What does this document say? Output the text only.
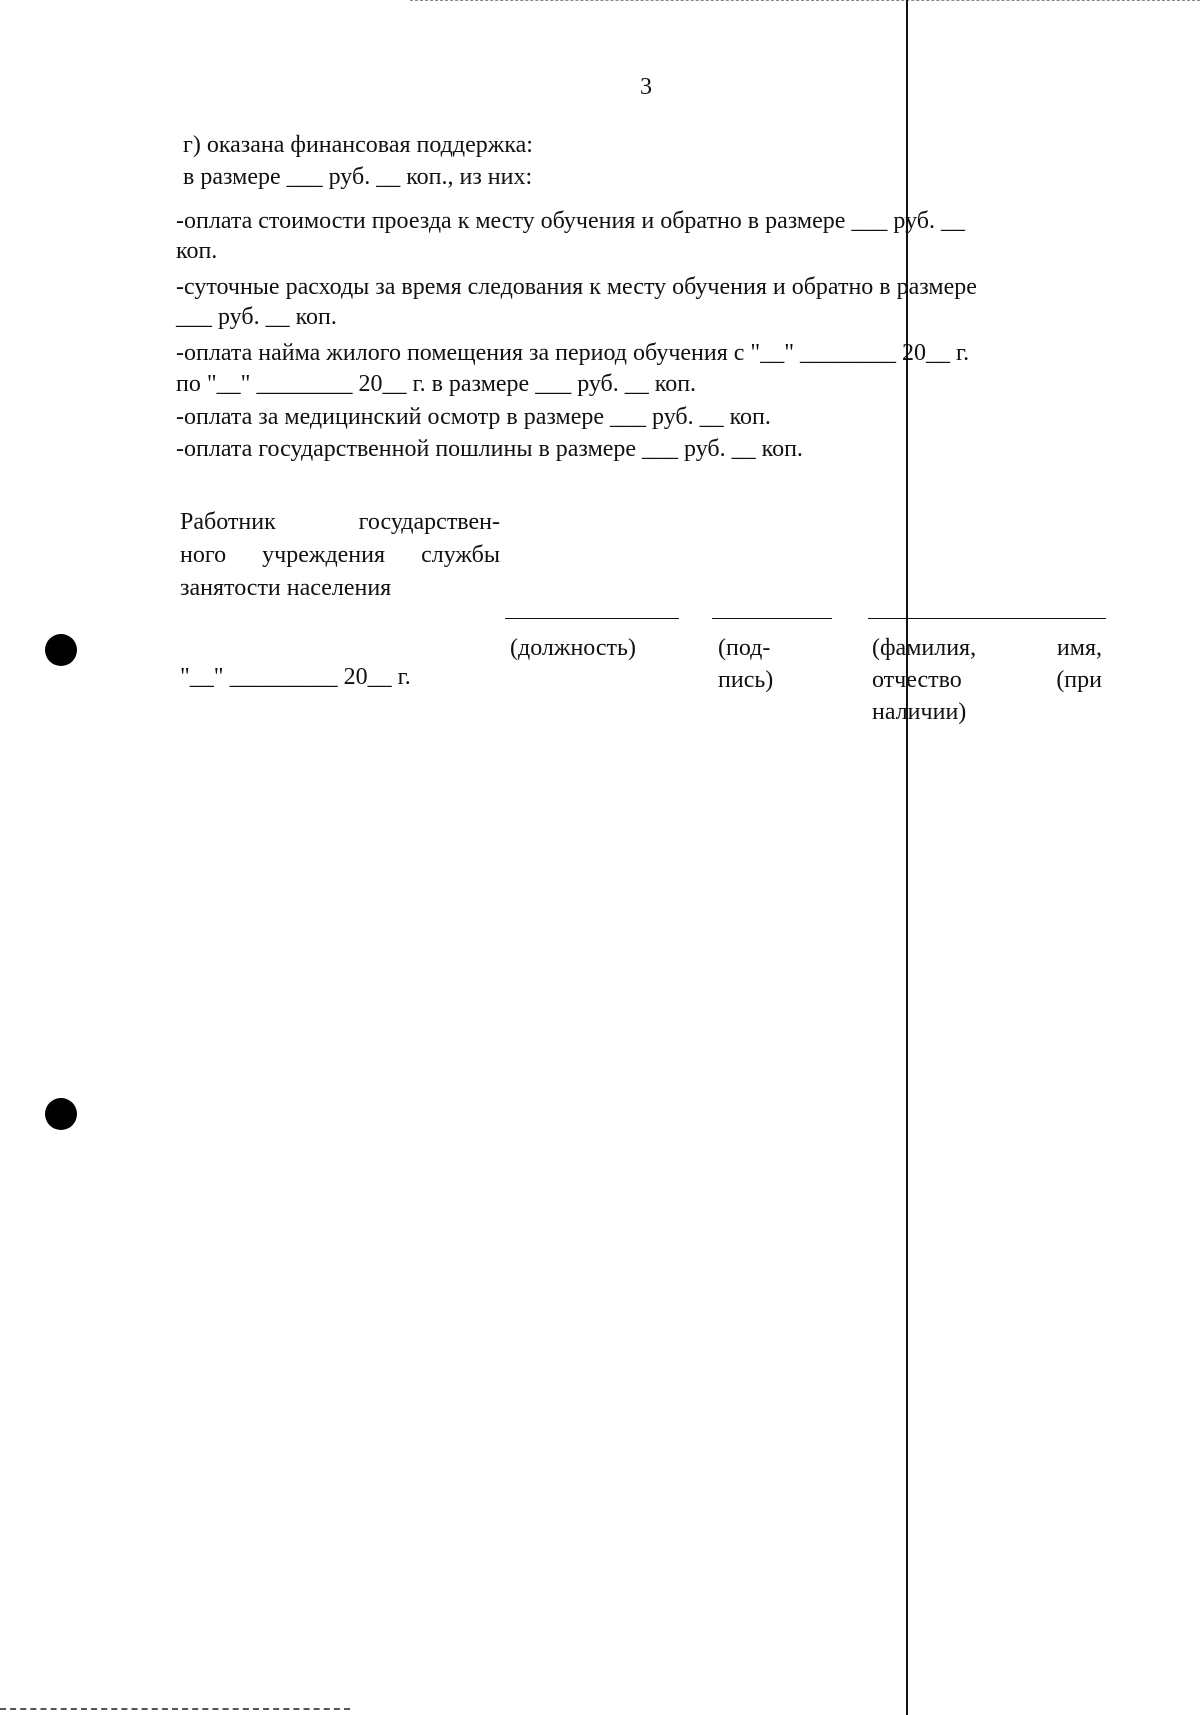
3
г) оказана финансовая поддержка:
в размере ___ руб. __ коп., из них:
-оплата стоимости проезда к месту обучения и обратно в размере ___ руб. __
коп.
-суточные расходы за время следования к месту обучения и обратно в размере
___ руб. __ коп.
-оплата найма жилого помещения за период обучения с "__" ________ 20__ г.
по "__" ________ 20__ г. в размере ___ руб. __ коп.
-оплата за медицинский осмотр в размере ___ руб. __ коп.
-оплата государственной пошлины в размере ___ руб. __ коп.
Работник государствен-
ного учреждения службы
занятости населения
(должность)	(под-
пись)
(фамилия, имя,
отчество (при
наличии)
"__" _________ 20__ г.
